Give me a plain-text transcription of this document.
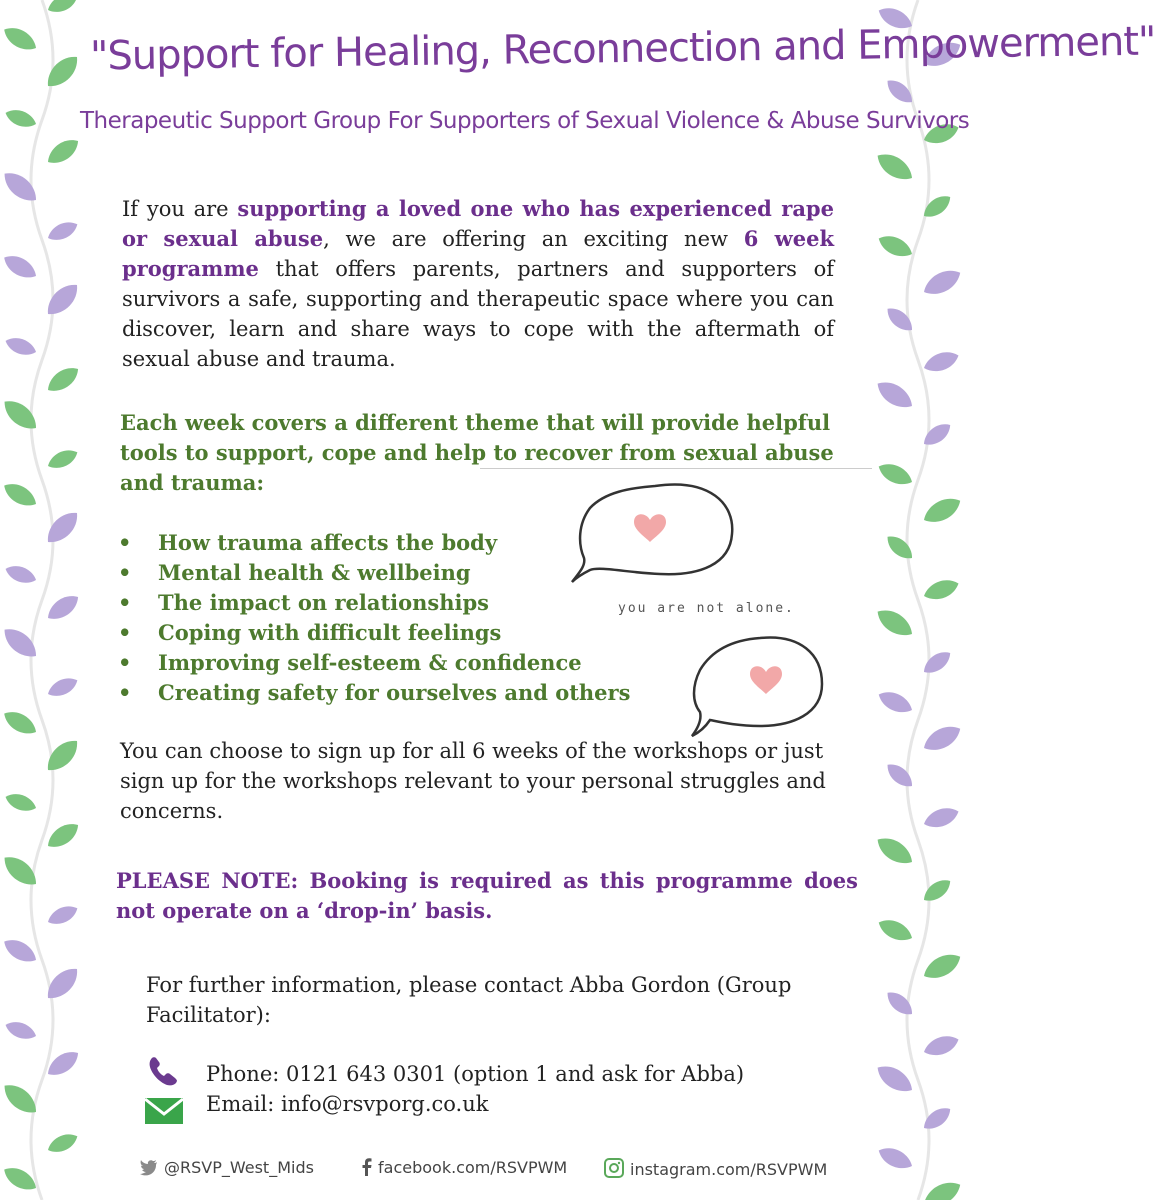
"Support for Healing, Reconnection and Empowerment"
Therapeutic Support Group For Supporters of Sexual Violence & Abuse Survivors

If you are supporting a loved one who has experienced rape or sexual abuse, we are offering an exciting new 6 week programme that offers parents, partners and supporters of survivors a safe, supporting and therapeutic space where you can discover, learn and share ways to cope with the aftermath of sexual abuse and trauma.

Each week covers a different theme that will provide helpful tools to support, cope and help to recover from sexual abuse and trauma:

• How trauma affects the body
• Mental health & wellbeing
• The impact on relationships
• Coping with difficult feelings
• Improving self-esteem & confidence
• Creating safety for ourselves and others
you are not alone.

You can choose to sign up for all 6 weeks of the workshops or just sign up for the workshops relevant to your personal struggles and concerns.

PLEASE NOTE: Booking is required as this programme does not operate on a ‘drop-in’ basis.

For further information, please contact Abba Gordon (Group Facilitator):
Phone: 0121 643 0301 (option 1 and ask for Abba)
Email: info@rsvporg.co.uk
@RSVP_West_Mids	facebook.com/RSVPWM	instagram.com/RSVPWM
